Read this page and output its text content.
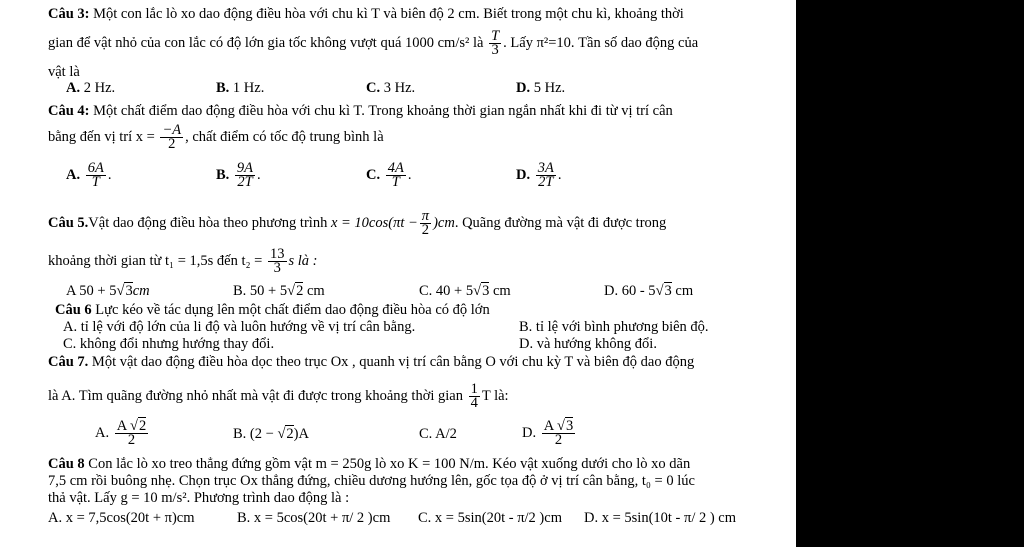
Câu 3: Một con lắc lò xo dao động điều hòa với chu kì T và biên độ 2 cm. Biết trong một chu kì, khoảng thời
gian để vật nhỏ của con lắc có độ lớn gia tốc không vượt quá 1000 cm/s² là $\frac{T}{3}$ . Lấy π²=10. Tần số dao động của
vật là
A. 2 Hz.	B. 1 Hz.	C. 3 Hz.	D. 5 Hz.
Câu 4: Một chất điểm dao động điều hòa với chu kì T. Trong khoảng thời gian ngắn nhất khi đi từ vị trí cân
bằng đến vị trí $x = \frac{-A}{2}$ , chất điểm có tốc độ trung bình là
A. $\frac{6A}{T}$ .	B. $\frac{9A}{2T}$ .	C. $\frac{4A}{T}$ .	D. $\frac{3A}{2T}$ .
Câu 5.Vật dao động điều hòa theo phương trình $x = 10\cos(\pi t - \frac{\pi}{2} )cm$. Quãng đường mà vật đi được trong
khoảng thời gian từ t₁ = 1,5s đến $t_2 = \frac{13}{3}$ s là :
A 50 + 5√3cm	B. 50 + 5√2 cm	C. 40 + 5√3 cm	D. 60 - 5√3 cm
Câu 6 Lực kéo về tác dụng lên một chất điểm dao động điều hòa có độ lớn
A. tỉ lệ với độ lớn của li độ và luôn hướng về vị trí cân bằng.	B. tỉ lệ với bình phương biên độ.
C. không đổi nhưng hướng thay đổi.	D. và hướng không đổi.
Câu 7. Một vật dao động điều hòa dọc theo trục Ox , quanh vị trí cân bằng O với chu kỳ T và biên độ dao động
là A. Tìm quãng đường nhỏ nhất mà vật đi được trong khoảng thời gian $\frac{1}{4}$ T là:
A. $\frac{A √2}{2}$	B. (2 − √2)A	C. A/2	D. $\frac{A √3}{2}$
Câu 8 Con lắc lò xo treo thẳng đứng gồm vật m = 250g lò xo K = 100 N/m. Kéo vật xuống dưới cho lò xo dãn
7,5 cm rồi buông nhẹ. Chọn trục Ox thẳng đứng, chiều dương hướng lên, gốc tọa độ ở vị trí cân bằng, t₀ = 0 lúc
thả vật. Lấy g = 10 m/s². Phương trình dao động là :
A. x = 7,5cos(20t + π)cm	B. x = 5cos(20t + π/ 2 )cm C. x = 5sin(20t - π/2 )cm D. x = 5sin(10t - π/ 2 ) cm
